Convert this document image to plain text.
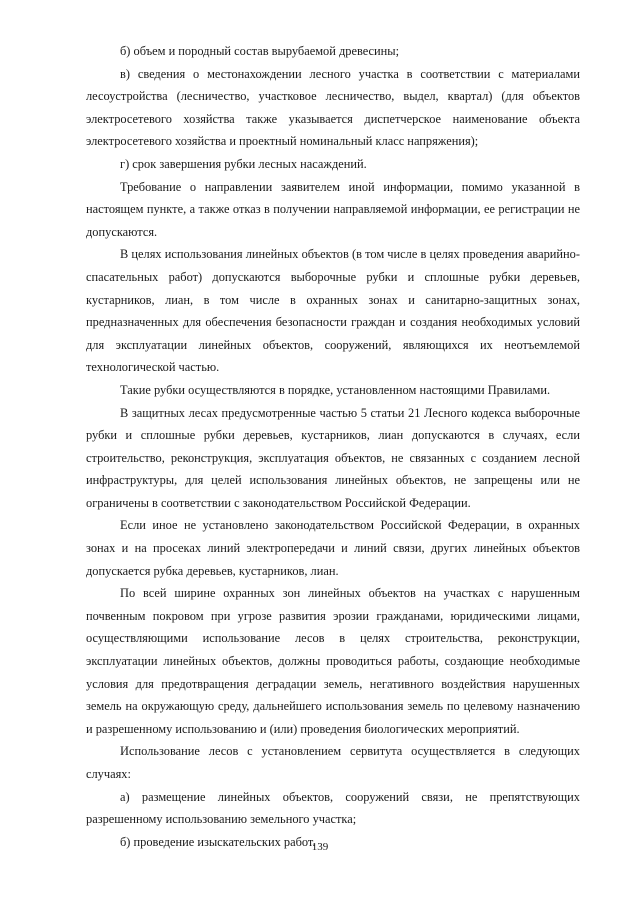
б) объем и породный состав вырубаемой древесины;

в) сведения о местонахождении лесного участка в соответствии с материалами лесоустройства (лесничество, участковое лесничество, выдел, квартал) (для объектов электросетевого хозяйства также указывается диспетчерское наименование объекта электросетевого хозяйства и проектный номинальный класс напряжения);

г) срок завершения рубки лесных насаждений.

Требование о направлении заявителем иной информации, помимо указанной в настоящем пункте, а также отказ в получении направляемой информации, ее регистрации не допускаются.

В целях использования линейных объектов (в том числе в целях проведения аварийно-спасательных работ) допускаются выборочные рубки и сплошные рубки деревьев, кустарников, лиан, в том числе в охранных зонах и санитарно-защитных зонах, предназначенных для обеспечения безопасности граждан и создания необходимых условий для эксплуатации линейных объектов, сооружений, являющихся их неотъемлемой технологической частью.

Такие рубки осуществляются в порядке, установленном настоящими Правилами.

В защитных лесах предусмотренные частью 5 статьи 21 Лесного кодекса выборочные рубки и сплошные рубки деревьев, кустарников, лиан допускаются в случаях, если строительство, реконструкция, эксплуатация объектов, не связанных с созданием лесной инфраструктуры, для целей использования линейных объектов, не запрещены или не ограничены в соответствии с законодательством Российской Федерации.

Если иное не установлено законодательством Российской Федерации, в охранных зонах и на просеках линий электропередачи и линий связи, других линейных объектов допускается рубка деревьев, кустарников, лиан.

По всей ширине охранных зон линейных объектов на участках с нарушенным почвенным покровом при угрозе развития эрозии гражданами, юридическими лицами, осуществляющими использование лесов в целях строительства, реконструкции, эксплуатации линейных объектов, должны проводиться работы, создающие необходимые условия для предотвращения деградации земель, негативного воздействия нарушенных земель на окружающую среду, дальнейшего использования земель по целевому назначению и разрешенному использованию и (или) проведения биологических мероприятий.

Использование лесов с установлением сервитута осуществляется в следующих случаях:

а) размещение линейных объектов, сооружений связи, не препятствующих разрешенному использованию земельного участка;

б) проведение изыскательских работ.

139
